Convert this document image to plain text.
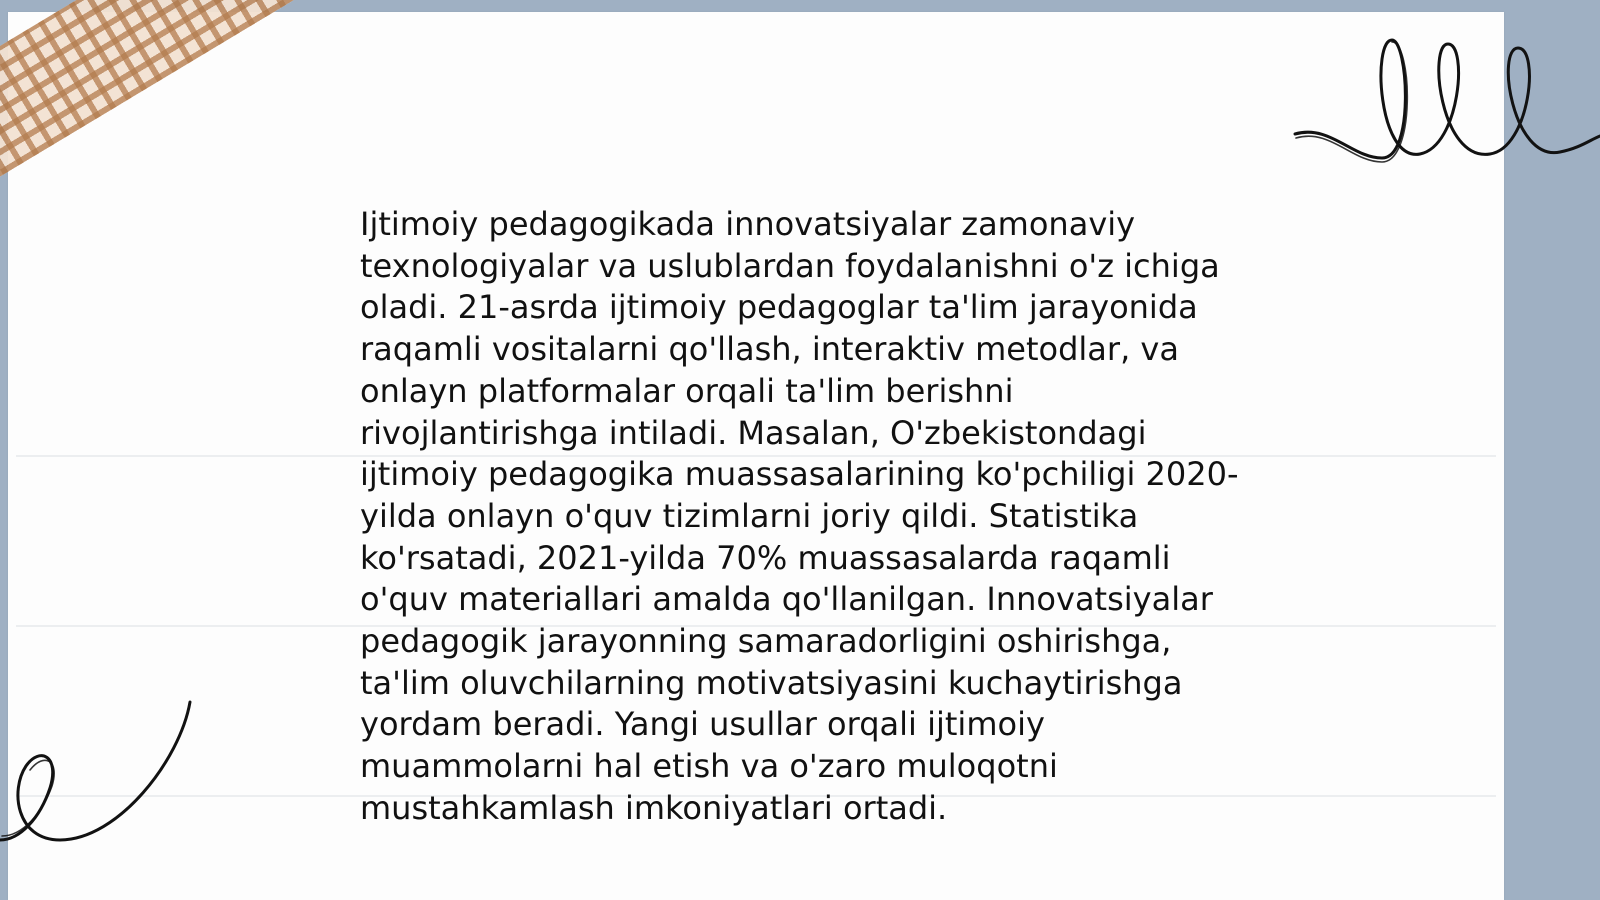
Ijtimoiy pedagogikada innovatsiyalar zamonaviy texnologiyalar va uslublardan foydalanishni o'z ichiga oladi. 21-asrda ijtimoiy pedagoglar ta'lim jarayonida raqamli vositalarni qo'llash, interaktiv metodlar, va onlayn platformalar orqali ta'lim berishni rivojlantirishga intiladi. Masalan, O'zbekistondagi ijtimoiy pedagogika muassasalarining ko'pchiligi 2020-yilda onlayn o'quv tizimlarni joriy qildi. Statistika ko'rsatadi, 2021-yilda 70% muassasalarda raqamli o'quv materiallari amalda qo'llanilgan. Innovatsiyalar pedagogik jarayonning samaradorligini oshirishga, ta'lim oluvchilarning motivatsiyasini kuchaytirishga yordam beradi. Yangi usullar orqali ijtimoiy muammolarni hal etish va o'zaro muloqotni mustahkamlash imkoniyatlari ortadi.
